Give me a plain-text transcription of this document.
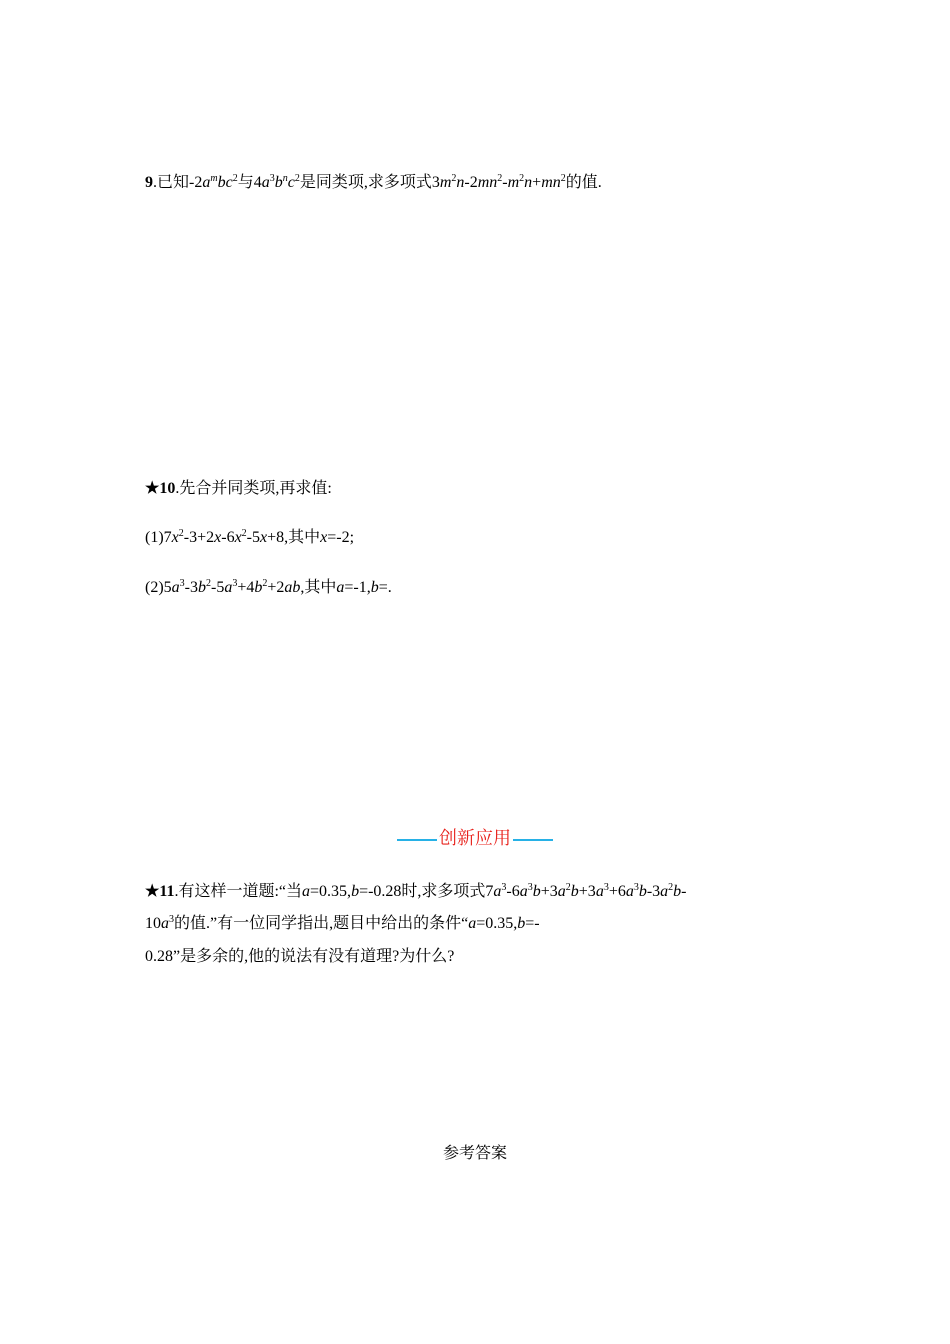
9.已知$-2a^mbc^2$与$4a^3b^nc^2$是同类项,求多项式$3m^2n-2mn^2-m^2n+mn^2$的值.
★10.先合并同类项,再求值:
$(1)7x^2-3+2x-6x^2-5x+8$,其中x=-2;
$(2)5a^3-3b^2-5a^3+4b^2+2ab$,其中a=-1,b=.
创新应用
★11.有这样一道题:“当a=0.35,b=-0.28时,求多项式$7a^3-6a^3b+3a^2b+3a^3+6a^3b-3a^2b-$
$10a^3$的值.”有一位同学指出,题目中给出的条件“a=0.35,b=-
0.28”是多余的,他的说法有没有道理?为什么?
参考答案
